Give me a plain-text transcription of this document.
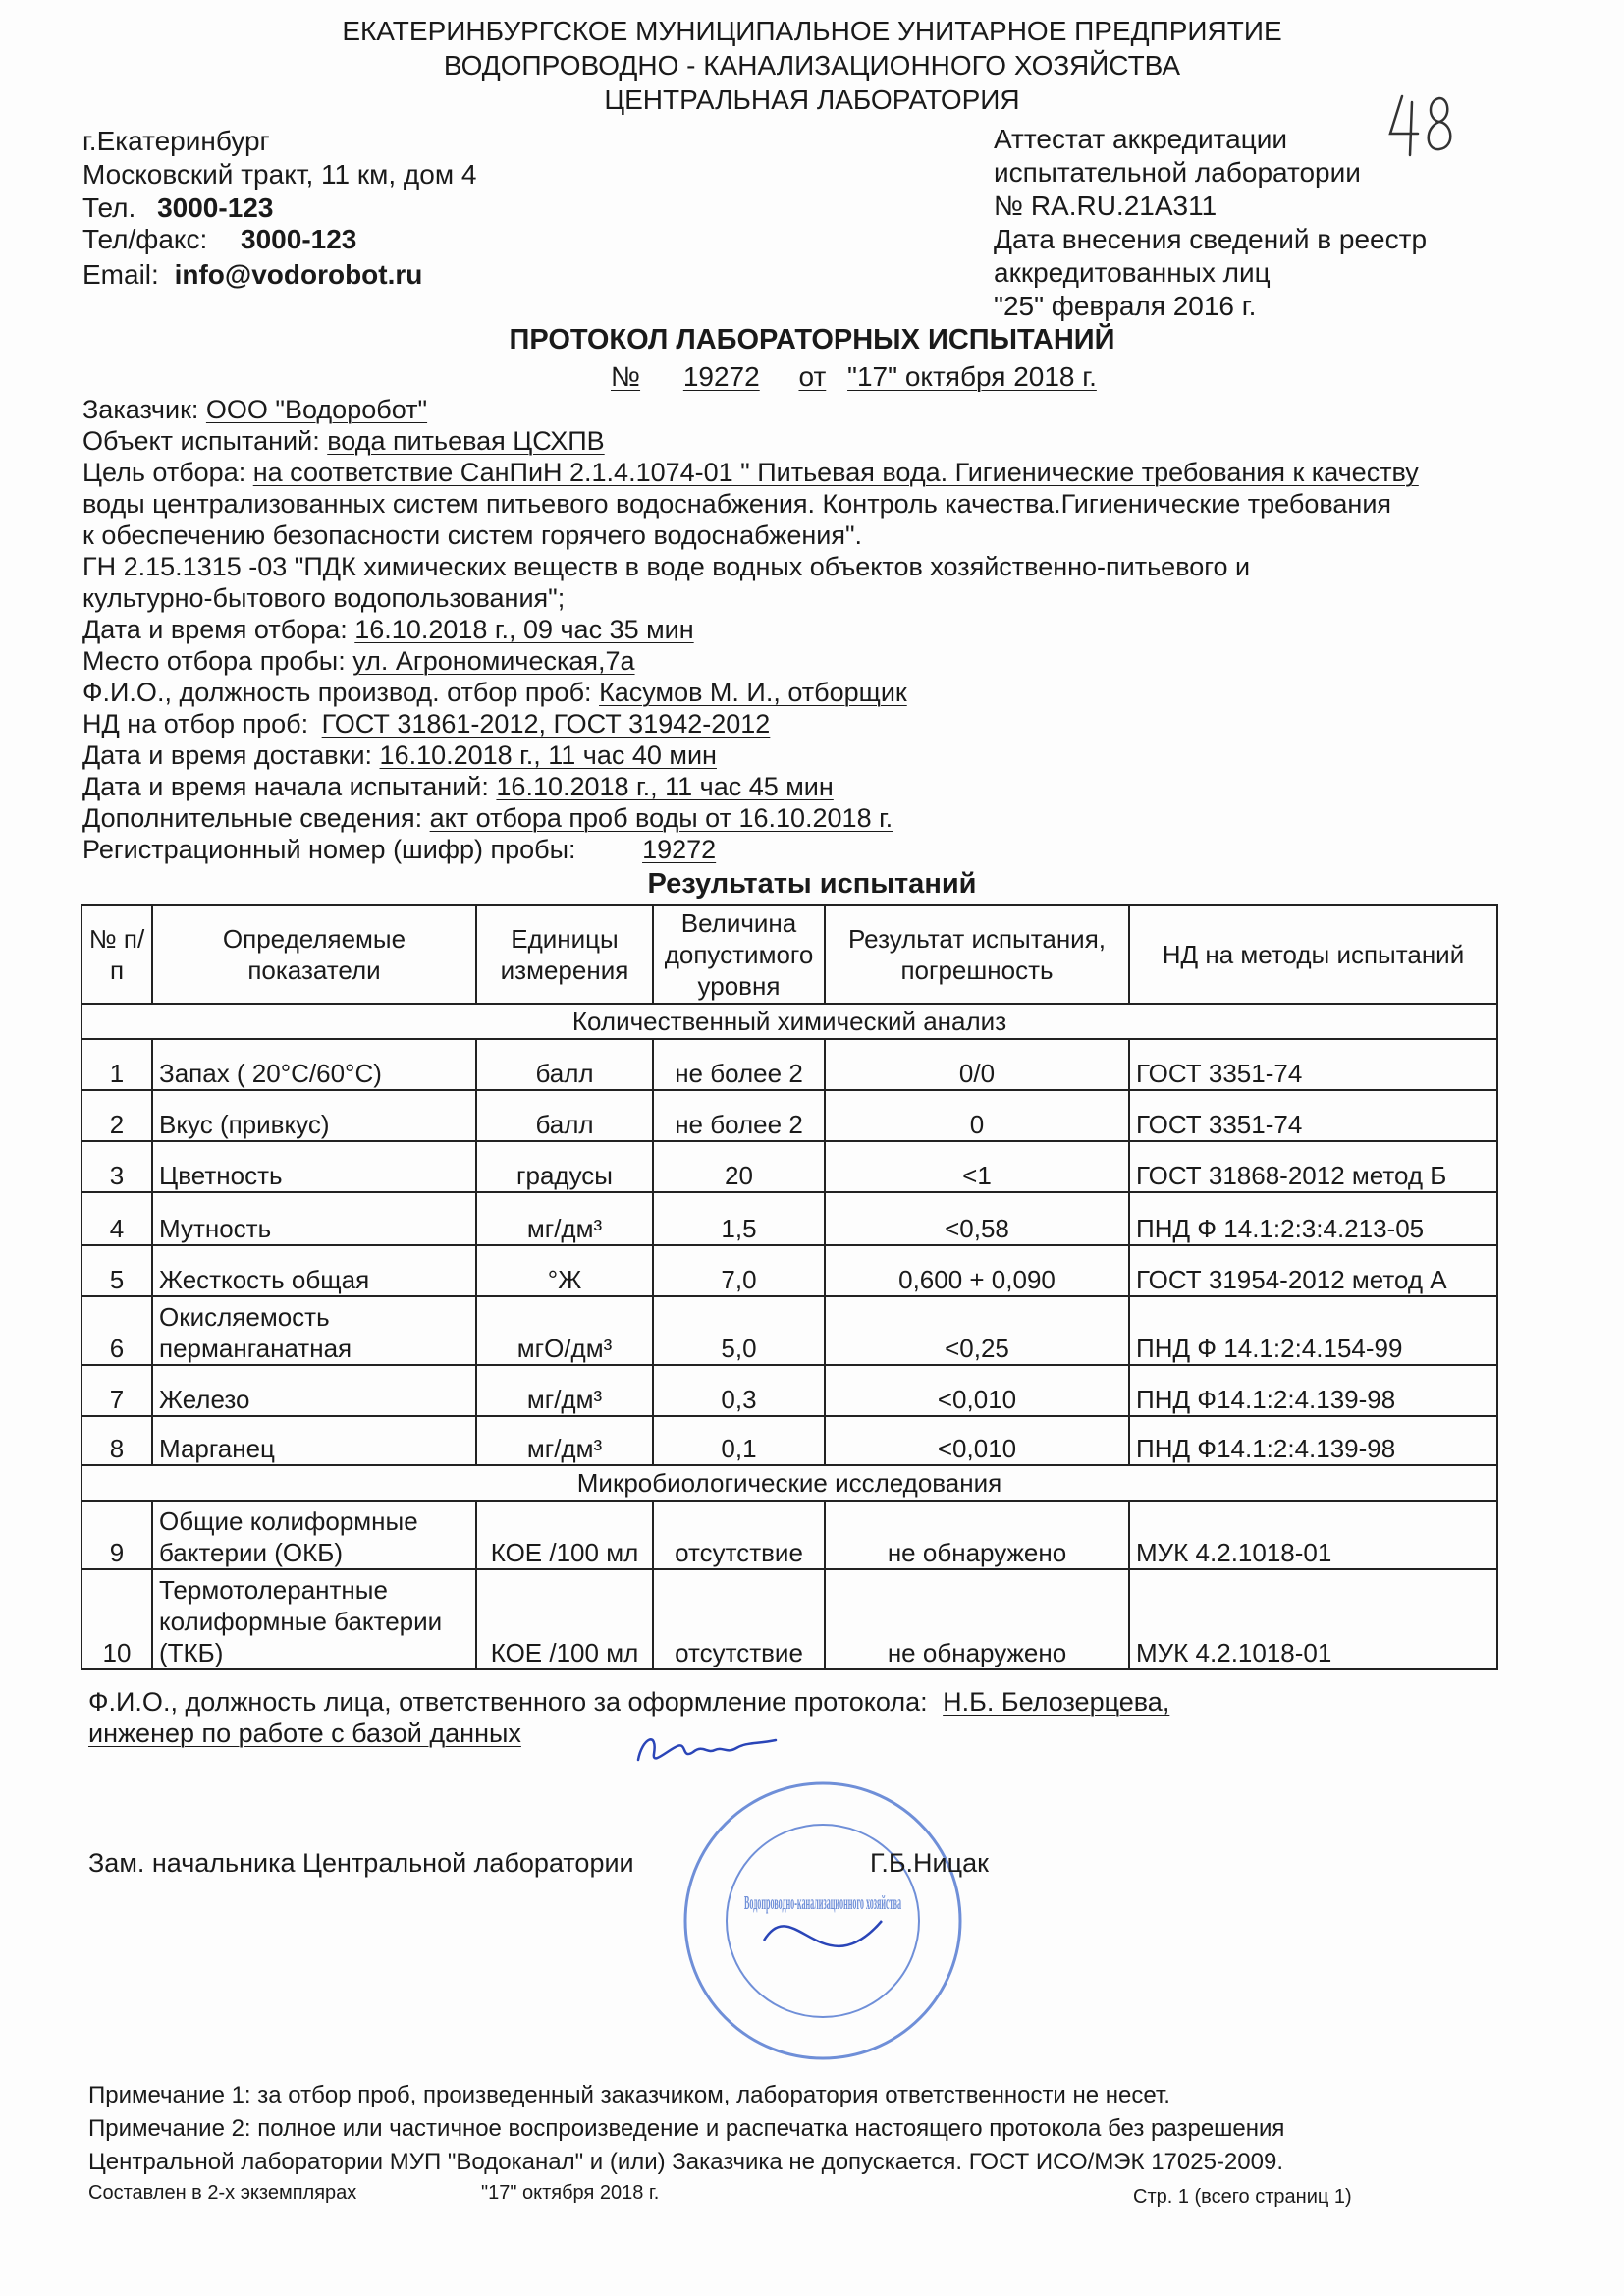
ЕКАТЕРИНБУРГСКОЕ МУНИЦИПАЛЬНОЕ УНИТАРНОЕ ПРЕДПРИЯТИЕ
ВОДОПРОВОДНО - КАНАЛИЗАЦИОННОГО ХОЗЯЙСТВА
ЦЕНТРАЛЬНАЯ ЛАБОРАТОРИЯ
г.Екатеринбург
Московский тракт, 11 км, дом 4
Тел. 3000-123
Тел/факс: 3000-123
Email: info@vodorobot.ru
Аттестат аккредитации
испытательной лаборатории
№ RA.RU.21А311
Дата внесения сведений в реестр
аккредитованных лиц
"25" февраля 2016 г.
ПРОТОКОЛ ЛАБОРАТОРНЫХ ИСПЫТАНИЙ
№ 19272 от "17" октября 2018 г.
Заказчик: ООО "Водоробот"
Объект испытаний: вода питьевая ЦСХПВ
Цель отбора: на соответствие СанПиН 2.1.4.1074-01 " Питьевая вода. Гигиенические требования к качеству
воды централизованных систем питьевого водоснабжения. Контроль качества.Гигиенические требования
к обеспечению безопасности систем горячего водоснабжения".
ГН 2.15.1315 -03 "ПДК химических веществ в воде водных объектов хозяйственно-питьевого и
культурно-бытового водопользования";
Дата и время отбора: 16.10.2018 г., 09 час 35 мин
Место отбора пробы: ул. Агрономическая,7а
Ф.И.О., должность производ. отбор проб: Касумов М. И., отборщик
НД на отбор проб: ГОСТ 31861-2012, ГОСТ 31942-2012
Дата и время доставки: 16.10.2018 г., 11 час 40 мин
Дата и время начала испытаний: 16.10.2018 г., 11 час 45 мин
Дополнительные сведения: акт отбора проб воды от 16.10.2018 г.
Регистрационный номер (шифр) пробы:	19272
Результаты испытаний
№ п/п	Определяемые показатели	Единицы измерения	Величина допустимого уровня	Результат испытания, погрешность	НД на методы испытаний
Количественный химический анализ					
1	Запах ( 20°С/60°С)	балл	не более 2	0/0	ГОСТ 3351-74
2	Вкус (привкус)	балл	не более 2	0	ГОСТ 3351-74
3	Цветность	градусы	20	<1	ГОСТ 31868-2012 метод Б
4	Мутность	мг/дм³	1,5	<0,58	ПНД Ф 14.1:2:3:4.213-05
5	Жесткость общая	°Ж	7,0	0,600 + 0,090	ГОСТ 31954-2012 метод А
6	Окисляемость перманганатная	мгО/дм³	5,0	<0,25	ПНД Ф 14.1:2:4.154-99
7	Железо	мг/дм³	0,3	<0,010	ПНД Ф14.1:2:4.139-98
8	Марганец	мг/дм³	0,1	<0,010	ПНД Ф14.1:2:4.139-98
Микробиологические исследования					
9	Общие колиформные бактерии (ОКБ)	КОЕ /100 мл	отсутствие	не обнаружено	МУК 4.2.1018-01
10	Термотолерантные колиформные бактерии (ТКБ)	КОЕ /100 мл	отсутствие	не обнаружено	МУК 4.2.1018-01
Ф.И.О., должность лица, ответственного за оформление протокола: Н.Б. Белозерцева,
инженер по работе с базой данных
Водопроводно-канализационного хозяйства
Зам. начальника Центральной лаборатории	Г.Б.Ницак
Примечание 1: за отбор проб, произведенный заказчиком, лаборатория ответственности не несет.
Примечание 2: полное или частичное воспроизведение и распечатка настоящего протокола без разрешения
Центральной лаборатории МУП "Водоканал" и (или) Заказчика не допускается. ГОСТ ИСО/МЭК 17025-2009.
Составлен в 2-х экземплярах	"17" октября 2018 г.	Стр. 1 (всего страниц 1)
